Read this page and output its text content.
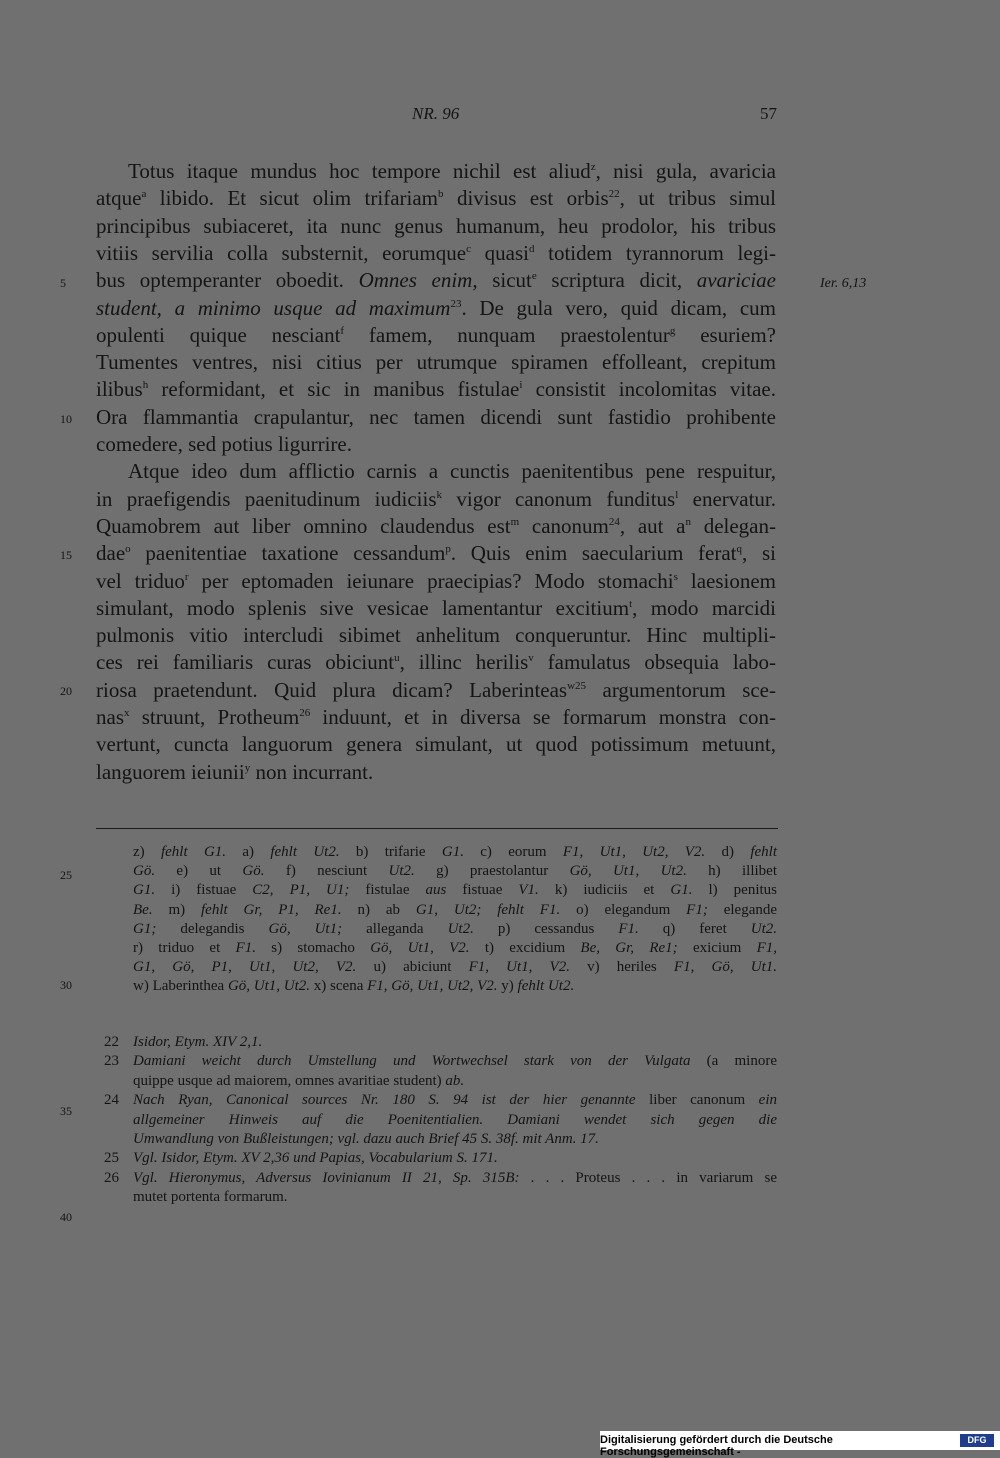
NR. 96	57
Totus itaque mundus hoc tempore nichil est aliud$^z$, nisi gula, avaricia
atque$^a$ libido. Et sicut olim trifariam$^b$ divisus est orbis$^{22}$, ut tribus simul
principibus subiaceret, ita nunc genus humanum, heu prodolor, his tribus
vitiis servilia colla substernit, eorumque$^c$ quasi$^d$ totidem tyrannorum legi-
bus optemperanter oboedit. Omnes enim, sicut$^e$ scriptura dicit, avariciae
student, a minimo usque ad maximum$^{23}$. De gula vero, quid dicam, cum
opulenti quique nesciant$^f$ famem, nunquam praestolentur$^g$ esuriem?
Tumentes ventres, nisi citius per utrumque spiramen effolleant, crepitum
ilibus$^h$ reformidant, et sic in manibus fistulae$^i$ consistit incolomitas vitae.
Ora flammantia crapulantur, nec tamen dicendi sunt fastidio prohibente
comedere, sed potius ligurrire.
Atque ideo dum afflictio carnis a cunctis paenitentibus pene respuitur,
in praefigendis paenitudinum iudiciis$^k$ vigor canonum funditus$^l$ enervatur.
Quamobrem aut liber omnino claudendus est$^m$ canonum$^{24}$, aut $a^n$ delegan-
dae$^o$ paenitentiae taxatione cessandum$^p$. Quis enim saecularium ferat$^q$, si
vel triduo$^r$ per eptomaden ieiunare praecipias? Modo stomachi$^s$ laesionem
simulant, modo splenis sive vesicae lamentantur excitium$^t$, modo marcidi
pulmonis vitio intercludi sibimet anhelitum conqueruntur. Hinc multipli-
ces rei familiaris curas obiciunt$^u$, illinc herilis$^v$ famulatus obsequia labo-
riosa praetendunt. Quid plura dicam? Laberinteas$^{w25}$ argumentorum sce-
nas$^x$ struunt, Protheum$^{26}$ induunt, et in diversa se formarum monstra con-
vertunt, cuncta languorum genera simulant, ut quod potissimum metuunt,
languorem ieiunii$^y$ non incurrant.
5
10
15
20
25
30
35
40
Ier. 6,13
z) fehlt G1. a) fehlt Ut2. b) trifarie G1. c) eorum F1, Ut1, Ut2, V2. d) fehlt
Gö. e) ut Gö. f) nesciunt Ut2. g) praestolantur Gö, Ut1, Ut2. h) illibet
G1. i) fistuae C2, P1, U1; fistulae aus fistuae V1. k) iudiciis et G1. l) penitus
Be. m) fehlt Gr, P1, Re1. n) ab G1, Ut2; fehlt F1. o) elegandum F1; elegande
G1; delegandis Gö, Ut1; alleganda Ut2. p) cessandus F1. q) feret Ut2.
r) triduo et F1. s) stomacho Gö, Ut1, V2. t) excidium Be, Gr, Re1; exicium F1,
G1, Gö, P1, Ut1, Ut2, V2. u) abiciunt F1, Ut1, V2. v) heriles F1, Gö, Ut1.
w) Laberinthea Gö, Ut1, Ut2. x) scena F1, Gö, Ut1, Ut2, V2. y) fehlt Ut2.
22 Isidor, Etym. XIV 2,1.
23 Damiani weicht durch Umstellung und Wortwechsel stark von der Vulgata (a minore
quippe usque ad maiorem, omnes avaritiae student) ab.
24 Nach Ryan, Canonical sources Nr. 180 S. 94 ist der hier genannte liber canonum ein
allgemeiner Hinweis auf die Poenitentialien. Damiani wendet sich gegen die
Umwandlung von Bußleistungen; vgl. dazu auch Brief 45 S. 38f. mit Anm. 17.
25 Vgl. Isidor, Etym. XV 2,36 und Papias, Vocabularium S. 171.
26 Vgl. Hieronymus, Adversus Iovinianum II 21, Sp. 315B: . . . Proteus . . . in variarum se
mutet portenta formarum.
Digitalisierung gefördert durch die Deutsche Forschungsgemeinschaft -
DFG
